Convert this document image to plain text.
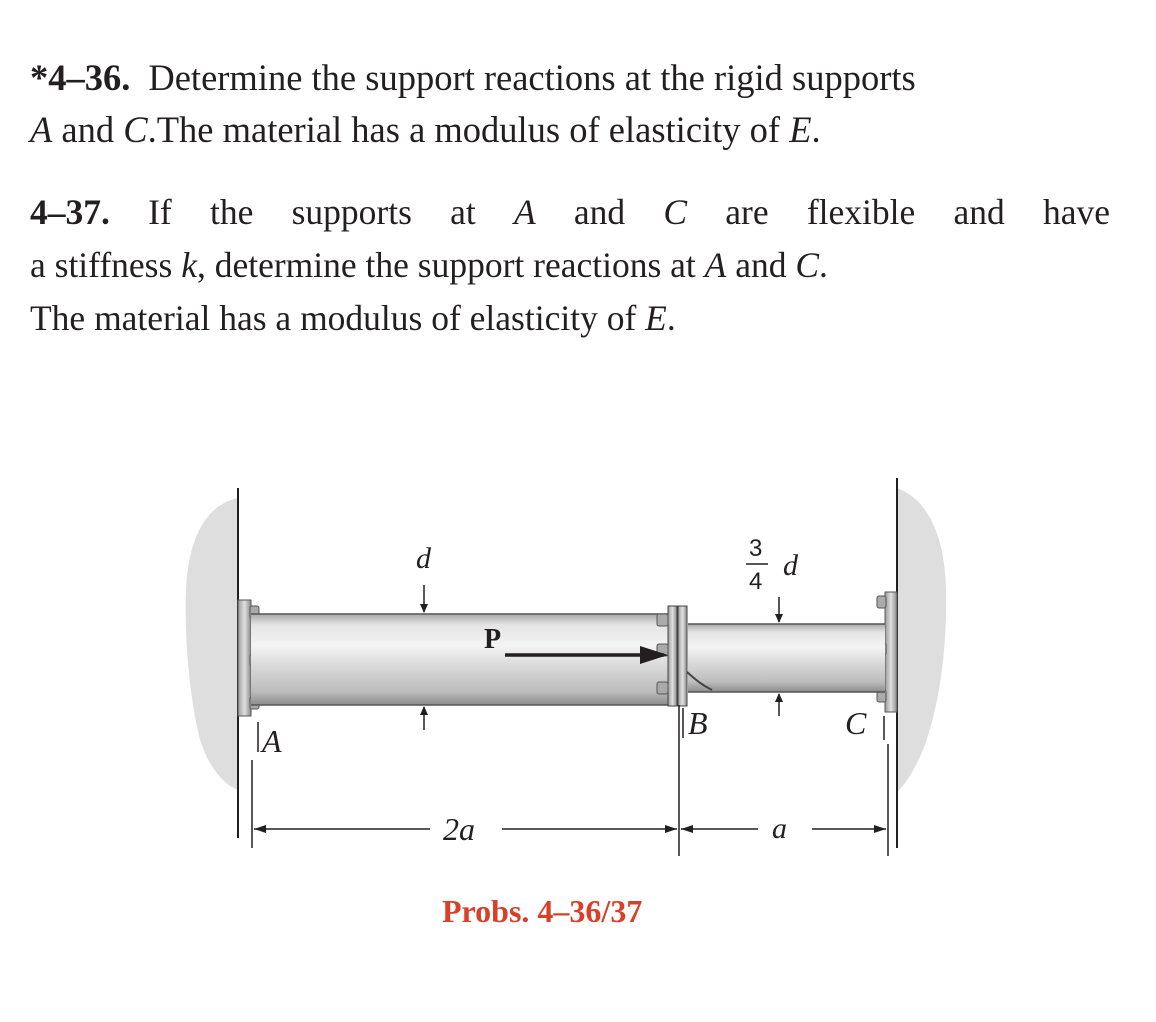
*4–36. Determine the support reactions at the rigid supports
A and C.The material has a modulus of elasticity of E.
4–37. If the supports at A and C are flexible and have
a stiffness k, determine the support reactions at A and C.
The material has a modulus of elasticity of E.
P
d	3
4 d
A	B	C
2a	a

Probs. 4–36/37
